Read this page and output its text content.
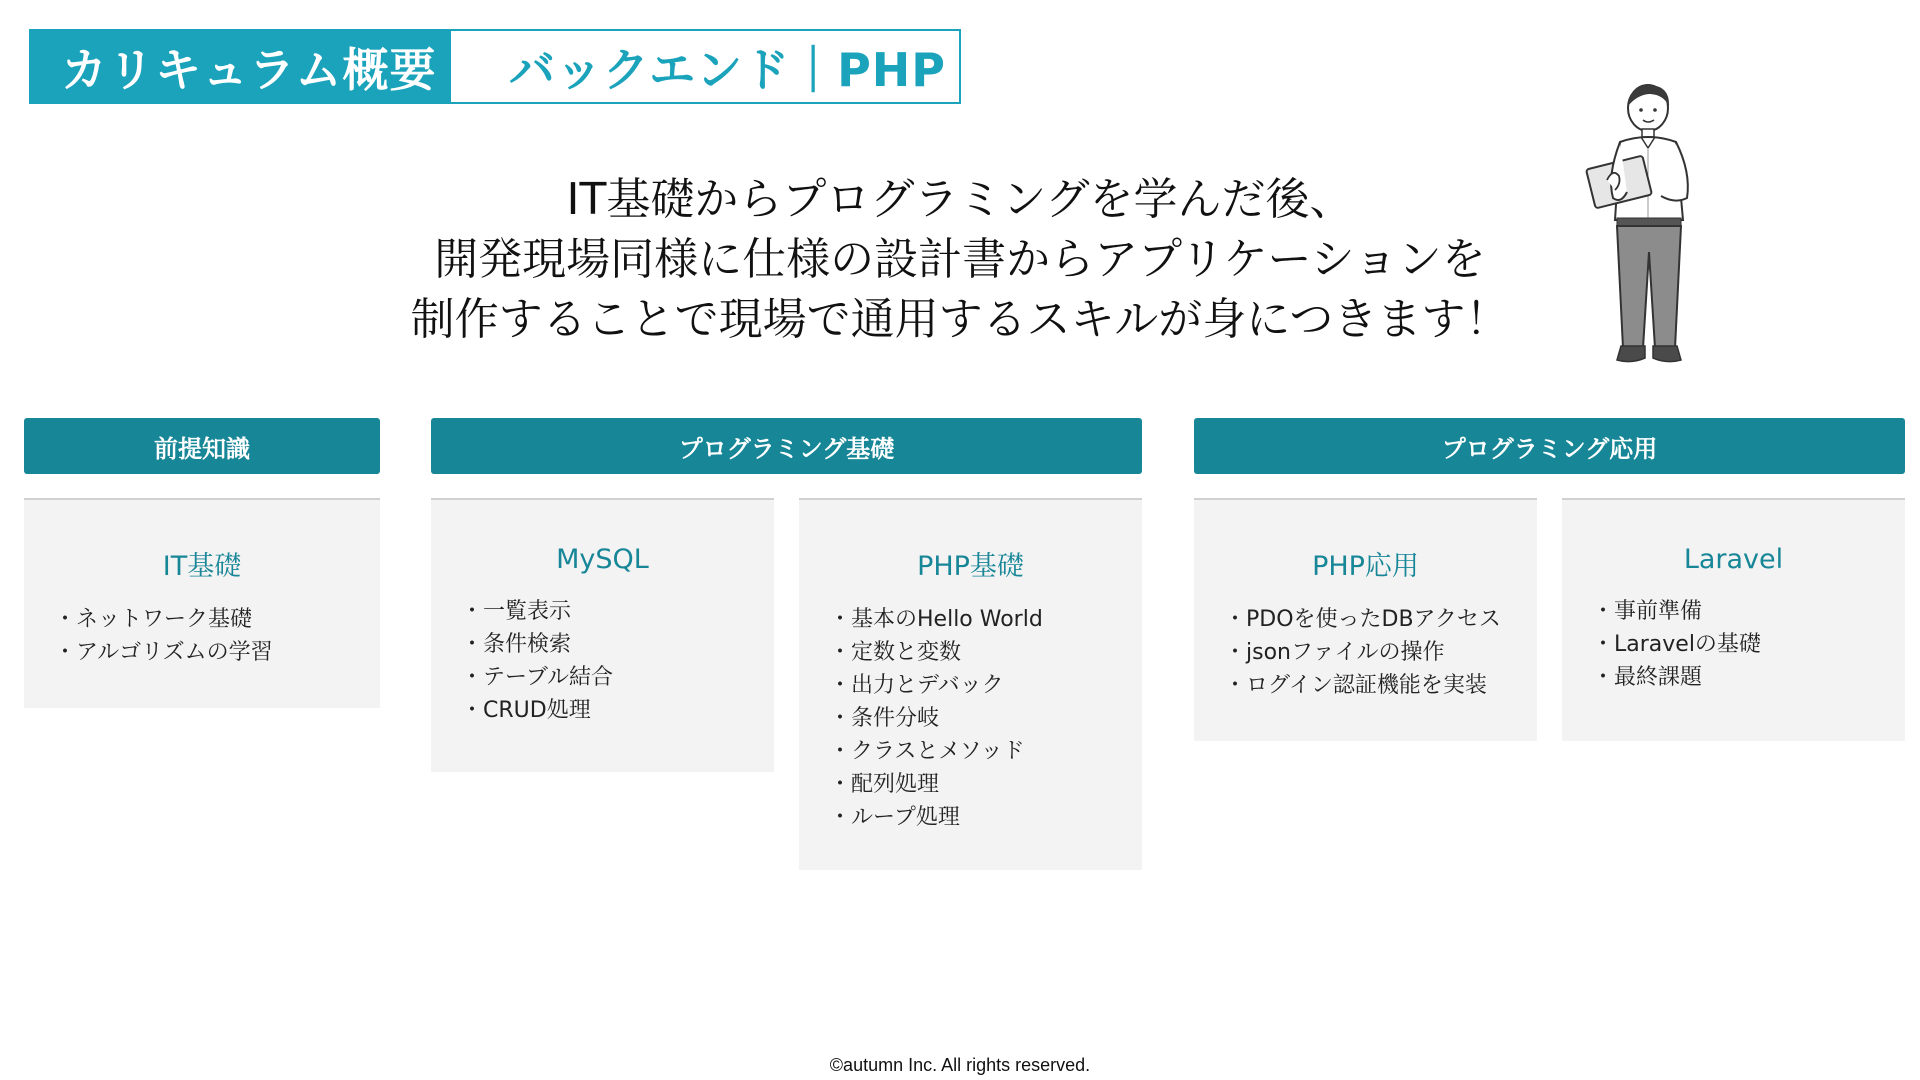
カリキュラム概要	バックエンド｜PHP
IT基礎からプログラミングを学んだ後、
開発現場同様に仕様の設計書からアプリケーションを
制作することで現場で通用するスキルが身につきます！
前提知識	プログラミング基礎	プログラミング応用
IT基礎
・ネットワーク基礎
・アルゴリズムの学習
MySQL
・一覧表示
・条件検索
・テーブル結合
・CRUD処理
PHP基礎
・基本のHello World
・定数と変数
・出力とデバック
・条件分岐
・クラスとメソッド
・配列処理
・ループ処理
PHP応用
・PDOを使ったDBアクセス
・jsonファイルの操作
・ログイン認証機能を実装
Laravel
・事前準備
・Laravelの基礎
・最終課題
©autumn Inc. All rights reserved.
